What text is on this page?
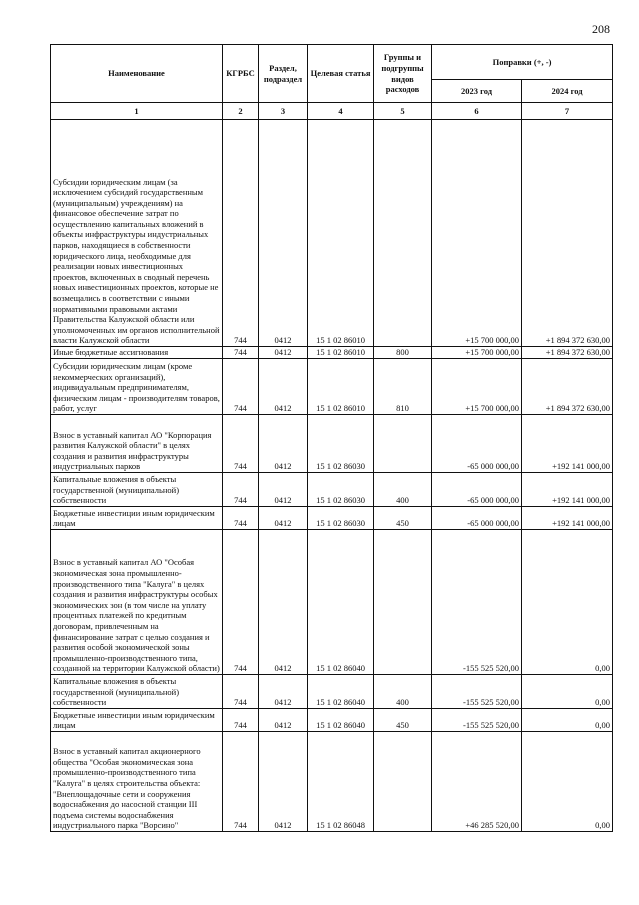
208
Наименование	КГРБС	Раздел, подраздел	Целевая статья	Группы и подгруппы видов расходов	Поправки (+, -)	
					2023 год	2024 год
1	2	3	4	5	6	7
Субсидии юридическим лицам (за исключением субсидий государственным (муниципальным) учреждениям) на финансовое обеспечение затрат по осуществлению капитальных вложений в объекты инфраструктуры индустриальных парков, находящиеся в собственности юридического лица, необходимые для реализации новых инвестиционных проектов, включенных в сводный перечень новых инвестиционных проектов, которые не возмещались в соответствии с иными нормативными правовыми актами Правительства Калужской области или уполномоченных им органов исполнительной власти Калужской области	744	0412	15 1 02 86010		+15 700 000,00	+1 894 372 630,00
Иные бюджетные ассигнования	744	0412	15 1 02 86010	800	+15 700 000,00	+1 894 372 630,00
Субсидии юридическим лицам (кроме некоммерческих организаций), индивидуальным предпринимателям, физическим лицам - производителям товаров, работ, услуг	744	0412	15 1 02 86010	810	+15 700 000,00	+1 894 372 630,00
Взнос в уставный капитал АО "Корпорация развития Калужской области" в целях создания и развития инфраструктуры индустриальных парков	744	0412	15 1 02 86030		-65 000 000,00	+192 141 000,00
Капитальные вложения в объекты государственной (муниципальной) собственности	744	0412	15 1 02 86030	400	-65 000 000,00	+192 141 000,00
Бюджетные инвестиции иным юридическим лицам	744	0412	15 1 02 86030	450	-65 000 000,00	+192 141 000,00
Взнос в уставный капитал АО "Особая экономическая зона промышленно-производственного типа "Калуга" в целях создания и развития инфраструктуры особых экономических зон (в том числе на уплату процентных платежей по кредитным договорам, привлеченным на финансирование затрат с целью создания и развития особой экономической зоны промышленно-производственного типа, созданной на территории Калужской области)	744	0412	15 1 02 86040		-155 525 520,00	0,00
Капитальные вложения в объекты государственной (муниципальной) собственности	744	0412	15 1 02 86040	400	-155 525 520,00	0,00
Бюджетные инвестиции иным юридическим лицам	744	0412	15 1 02 86040	450	-155 525 520,00	0,00
Взнос в уставный капитал акционерного общества "Особая экономическая зона промышленно-производственного типа "Калуга" в целях строительства объекта: "Внеплощадочные сети и сооружения водоснабжения до насосной станции III подъема системы водоснабжения индустриального парка "Ворсино"	744	0412	15 1 02 86048		+46 285 520,00	0,00
